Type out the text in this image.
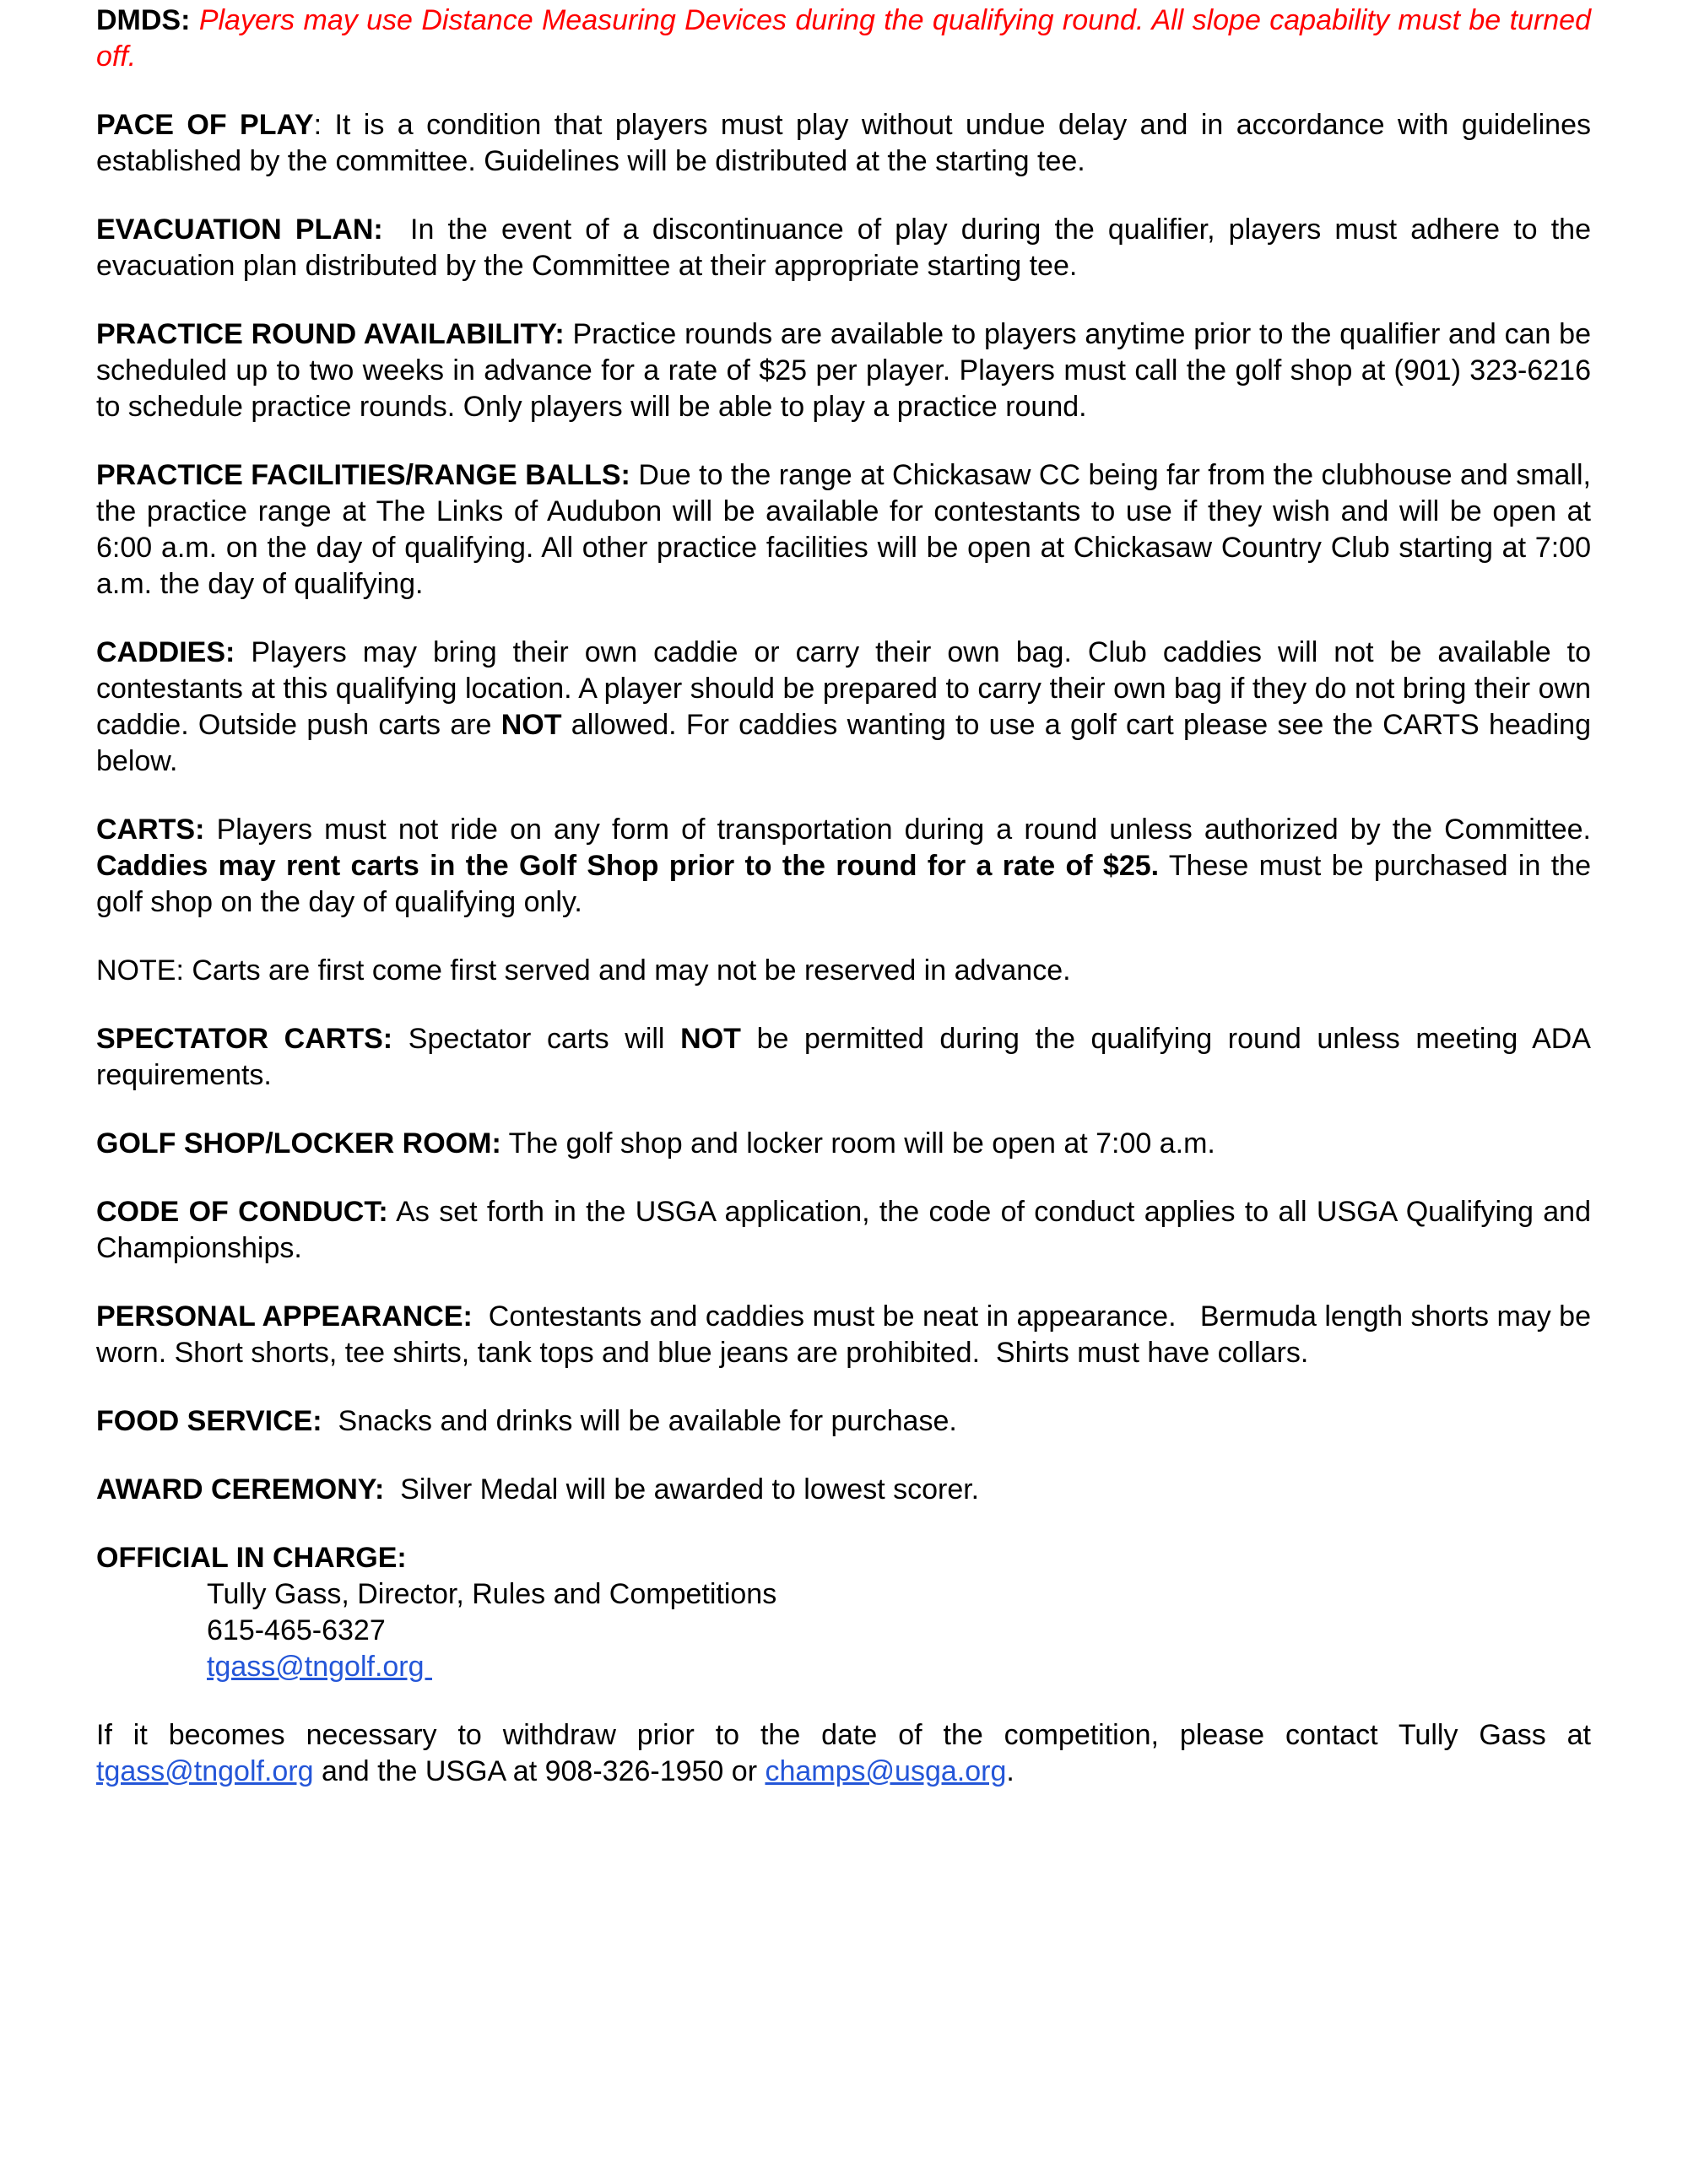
DMDS: Players may use Distance Measuring Devices during the qualifying round. All slope capability must be turned off.

PACE OF PLAY: It is a condition that players must play without undue delay and in accordance with guidelines established by the committee. Guidelines will be distributed at the starting tee.

EVACUATION PLAN:  In the event of a discontinuance of play during the qualifier, players must adhere to the evacuation plan distributed by the Committee at their appropriate starting tee.

PRACTICE ROUND AVAILABILITY: Practice rounds are available to players anytime prior to the qualifier and can be scheduled up to two weeks in advance for a rate of $25 per player. Players must call the golf shop at (901) 323-6216 to schedule practice rounds. Only players will be able to play a practice round.

PRACTICE FACILITIES/RANGE BALLS: Due to the range at Chickasaw CC being far from the clubhouse and small, the practice range at The Links of Audubon will be available for contestants to use if they wish and will be open at 6:00 a.m. on the day of qualifying. All other practice facilities will be open at Chickasaw Country Club starting at 7:00 a.m. the day of qualifying.

CADDIES: Players may bring their own caddie or carry their own bag. Club caddies will not be available to contestants at this qualifying location. A player should be prepared to carry their own bag if they do not bring their own caddie. Outside push carts are NOT allowed. For caddies wanting to use a golf cart please see the CARTS heading below.

CARTS: Players must not ride on any form of transportation during a round unless authorized by the Committee. Caddies may rent carts in the Golf Shop prior to the round for a rate of $25. These must be purchased in the golf shop on the day of qualifying only.

NOTE: Carts are first come first served and may not be reserved in advance.

SPECTATOR CARTS: Spectator carts will NOT be permitted during the qualifying round unless meeting ADA requirements.

GOLF SHOP/LOCKER ROOM: The golf shop and locker room will be open at 7:00 a.m.

CODE OF CONDUCT: As set forth in the USGA application, the code of conduct applies to all USGA Qualifying and Championships.

PERSONAL APPEARANCE:  Contestants and caddies must be neat in appearance.   Bermuda length shorts may be worn. Short shorts, tee shirts, tank tops and blue jeans are prohibited.  Shirts must have collars.

FOOD SERVICE:  Snacks and drinks will be available for purchase.

AWARD CEREMONY:  Silver Medal will be awarded to lowest scorer.

OFFICIAL IN CHARGE:

Tully Gass, Director, Rules and Competitions

615-465-6327

tgass@tngolf.org

If it becomes necessary to withdraw prior to the date of the competition, please contact Tully Gass at tgass@tngolf.org and the USGA at 908-326-1950 or champs@usga.org.
